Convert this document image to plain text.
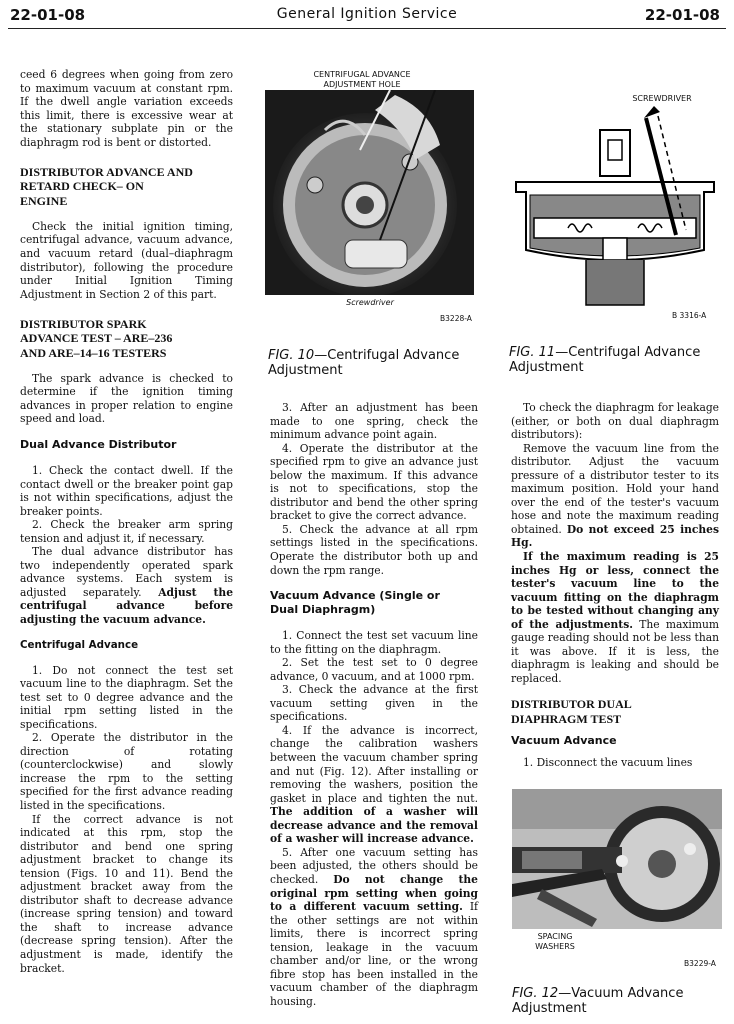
22-01-08	General Ignition Service	22-01-08

ceed 6 degrees when going from zero to maximum vacuum at constant rpm. If the dwell angle variation exceeds this limit, there is excessive wear at the stationary subplate pin or the diaphragm rod is bent or distorted.

DISTRIBUTOR ADVANCE AND
RETARD CHECK– ON
ENGINE

Check the initial ignition timing, centrifugal advance, vacuum advance, and vacuum retard (dual–diaphragm distributor), following the procedure under Initial Ignition Timing Adjustment in Section 2 of this part.

DISTRIBUTOR SPARK
ADVANCE TEST – ARE–236
AND ARE–14–16 TESTERS

The spark advance is checked to determine if the ignition timing advances in proper relation to engine speed and load.

Dual Advance Distributor

1. Check the contact dwell. If the contact dwell or the breaker point gap is not within specifications, adjust the breaker points.

2. Check the breaker arm spring tension and adjust it, if necessary.

The dual advance distributor has two independently operated spark advance systems. Each system is adjusted separately. Adjust the centrifugal advance before adjusting the vacuum advance.

Centrifugal Advance

1. Do not connect the test set vacuum line to the diaphragm. Set the test set to 0 degree advance and the initial rpm setting listed in the specifications.

2. Operate the distributor in the direction of rotating (counterclockwise) and slowly increase the rpm to the setting specified for the first advance reading listed in the specifications.

If the correct advance is not indicated at this rpm, stop the distributor and bend one spring adjustment bracket to change its tension (Figs. 10 and 11). Bend the adjustment bracket away from the distributor shaft to decrease advance (increase spring tension) and toward the shaft to increase advance (decrease spring tension). After the adjustment is made, identify the bracket.

CENTRIFUGAL ADVANCE
ADJUSTMENT HOLE
Screwdriver
B3228-A
FIG. 10—Centrifugal Advance
Adjustment

3. After an adjustment has been made to one spring, check the minimum advance point again.

4. Operate the distributor at the specified rpm to give an advance just below the maximum. If this advance is not to specifications, stop the distributor and bend the other spring bracket to give the correct advance.

5. Check the advance at all rpm settings listed in the specifications. Operate the distributor both up and down the rpm range.

Vacuum Advance (Single or
Dual Diaphragm)

1. Connect the test set vacuum line to the fitting on the diaphragm.

2. Set the test set to 0 degree advance, 0 vacuum, and at 1000 rpm.

3. Check the advance at the first vacuum setting given in the specifications.

4. If the advance is incorrect, change the calibration washers between the vacuum chamber spring and nut (Fig. 12). After installing or removing the washers, position the gasket in place and tighten the nut. The addition of a washer will decrease advance and the removal of a washer will increase advance.

5. After one vacuum setting has been adjusted, the others should be checked. Do not change the original rpm setting when going to a different vacuum setting. If the other settings are not within limits, there is incorrect spring tension, leakage in the vacuum chamber and/or line, or the wrong fibre stop has been installed in the vacuum chamber of the diaphragm housing.

SCREWDRIVER
B 3316-A
FIG. 11—Centrifugal Advance
Adjustment

To check the diaphragm for leakage (either, or both on dual diaphragm distributors):

Remove the vacuum line from the distributor. Adjust the vacuum pressure of a distributor tester to its maximum position. Hold your hand over the end of the tester's vacuum hose and note the maximum reading obtained. Do not exceed 25 inches Hg.

If the maximum reading is 25 inches Hg or less, connect the tester's vacuum line to the vacuum fitting on the diaphragm to be tested without changing any of the adjustments. The maximum gauge reading should not be less than it was above. If it is less, the diaphragm is leaking and should be replaced.

DISTRIBUTOR DUAL
DIAPHRAGM TEST

Vacuum Advance

1. Disconnect the vacuum lines

SPACING
WASHERS
B3229-A
FIG. 12—Vacuum Advance
Adjustment
